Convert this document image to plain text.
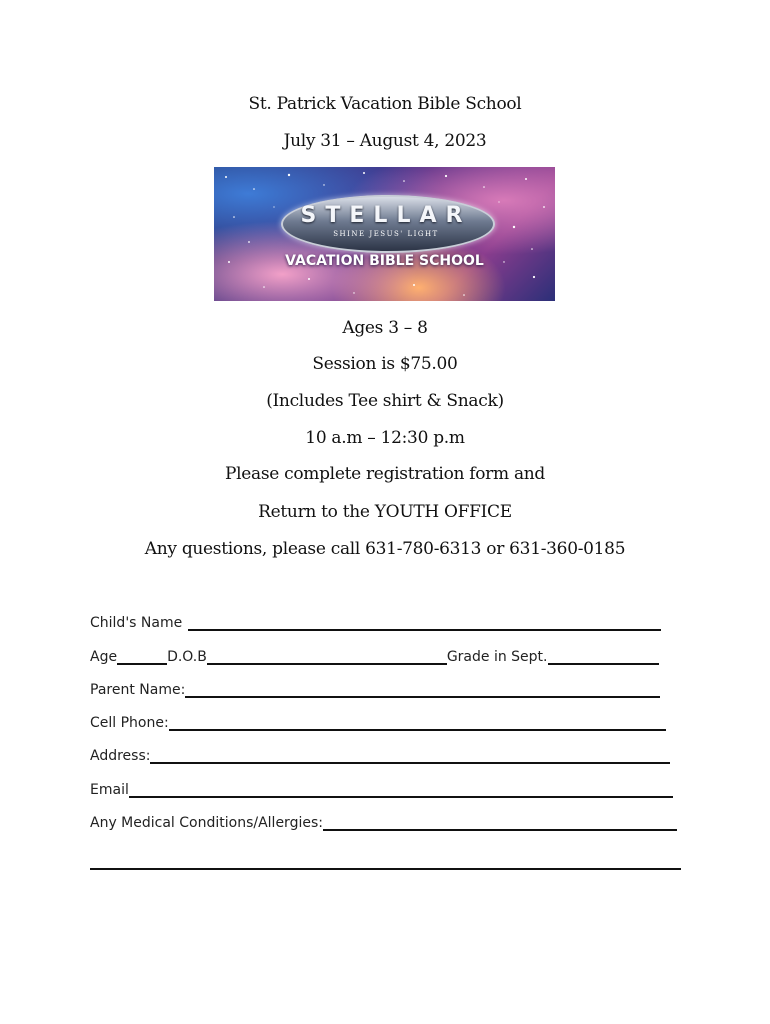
St. Patrick Vacation Bible School
July 31 – August 4, 2023
STELLAR
SHINE JESUS' LIGHT
VACATION BIBLE SCHOOL
Ages 3 – 8
Session is $75.00
(Includes Tee shirt & Snack)
10 a.m – 12:30 p.m
Please complete registration form and
Return to the YOUTH OFFICE
Any questions, please call 631-780-6313 or 631-360-0185
Child's Name
Age	D.O.B	Grade in Sept.
Parent Name:
Cell Phone:
Address:
Email
Any Medical Conditions/Allergies:
